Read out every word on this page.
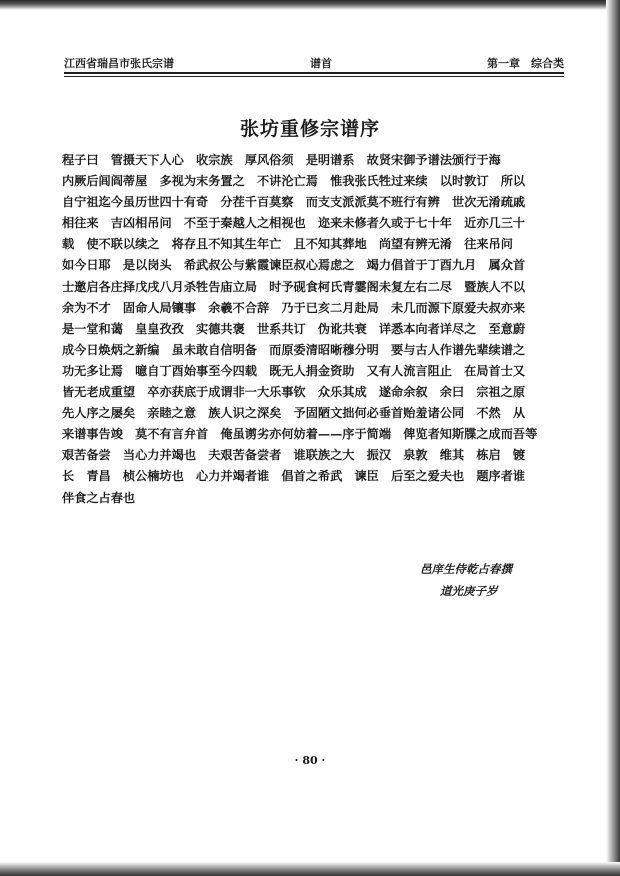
江西省瑞昌市张氏宗谱	谱首	第一章　综合类
张坊重修宗谱序
程子曰　管摄天下人心　收宗族　厚风俗须　是明谱系　故贤宋御予谱法颁行于海
内厥后闾阎蒂屋　多视为末务置之　不讲沦亡焉　惟我张氏牲过来续　以时敦订　所以
自宁祖迄今虽历世四十有奇　分茬千百莫察　而支支派派莫不班行有辨　世次无淆疏戚
相往来　吉凶相吊问　不至于秦越人之相视也　迩来未修者久或于七十年　近亦几三十
载　使不联以续之　将存且不知其生年亡　且不知其葬地　尚望有辨无淆　往来吊问
如今日耶　是以岗头　希武叔公与紫霞谏臣叔心焉虑之　竭力倡首于丁酉九月　属众首
士邀启各庄择戊戌八月杀牲告庙立局　时予砚食柯氏青霎阁未复左右二尽　暨族人不以
余为不才　固命人局镶事　余羲不合辞　乃于已亥二月赴局　未几而源下原爱夫叔亦来
是一堂和蔼　皇皇孜孜　实德共褒　世系共订　伪讹共衰　详悉本向者详尽之　至意蔚
成今日焕炳之新编　虽未敢自信明备　而原委清昭晰穆分明　要与古人作谱先辈续谱之
功无多让焉　噫自丁酉始事至今四载　既无人捐金资助　又有人流言阻止　在局首士又
皆无老成重望　卒亦获底于成谓非一大乐事钦　众乐其成　遂命余叙　余曰　宗祖之原
先人序之屡矣　亲睦之意　族人识之深矣　予固陋文拙何必垂首贻羞诸公同　不然　从
来谱事告竣　莫不有言弁首　俺虽谫劣亦何妨着——序于简端　俾览者知斯牒之成而吾等
艰苦备尝　当心力并竭也　夫艰苦备尝者　谁联族之大　振汉　泉敦　维其　栋启　镀
长　青昌　桢公楠坊也　心力并竭者谁　倡首之希武　谏臣　后至之爱夫也　题序者谁
伴食之占春也
邑庠生侍乾占春撰
道光庚子岁
· 80 ·
